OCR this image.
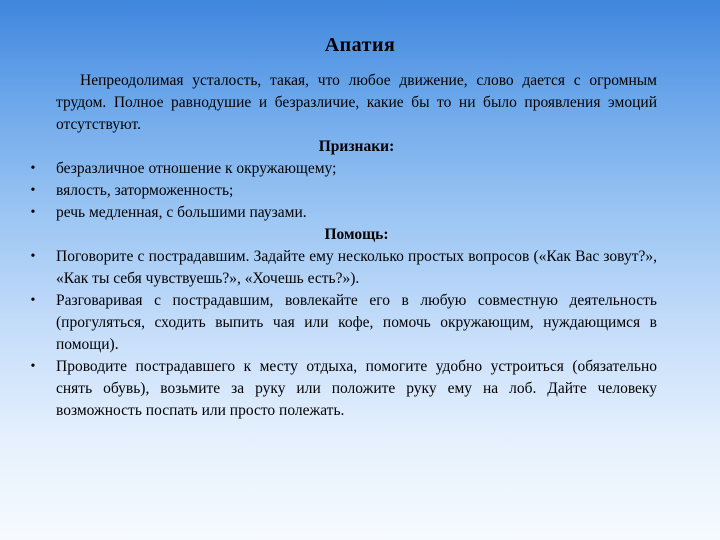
Апатия

Непреодолимая усталость, такая, что любое движение, слово дается с огромным трудом. Полное равнодушие и безразличие, какие бы то ни было проявления эмоций отсутствуют.

Признаки:
• безразличное отношение к окружающему;
• вялость, заторможенность;
• речь медленная, с большими паузами.
Помощь:
• Поговорите с пострадавшим. Задайте ему несколько простых вопросов («Как Вас зовут?», «Как ты себя чувствуешь?», «Хочешь есть?»).
• Разговаривая с пострадавшим, вовлекайте его в любую совместную деятельность (прогуляться, сходить выпить чая или кофе, помочь окружающим, нуждающимся в помощи).
• Проводите пострадавшего к месту отдыха, помогите удобно устроиться (обязательно снять обувь), возьмите за руку или положите руку ему на лоб. Дайте человеку возможность поспать или просто полежать.
